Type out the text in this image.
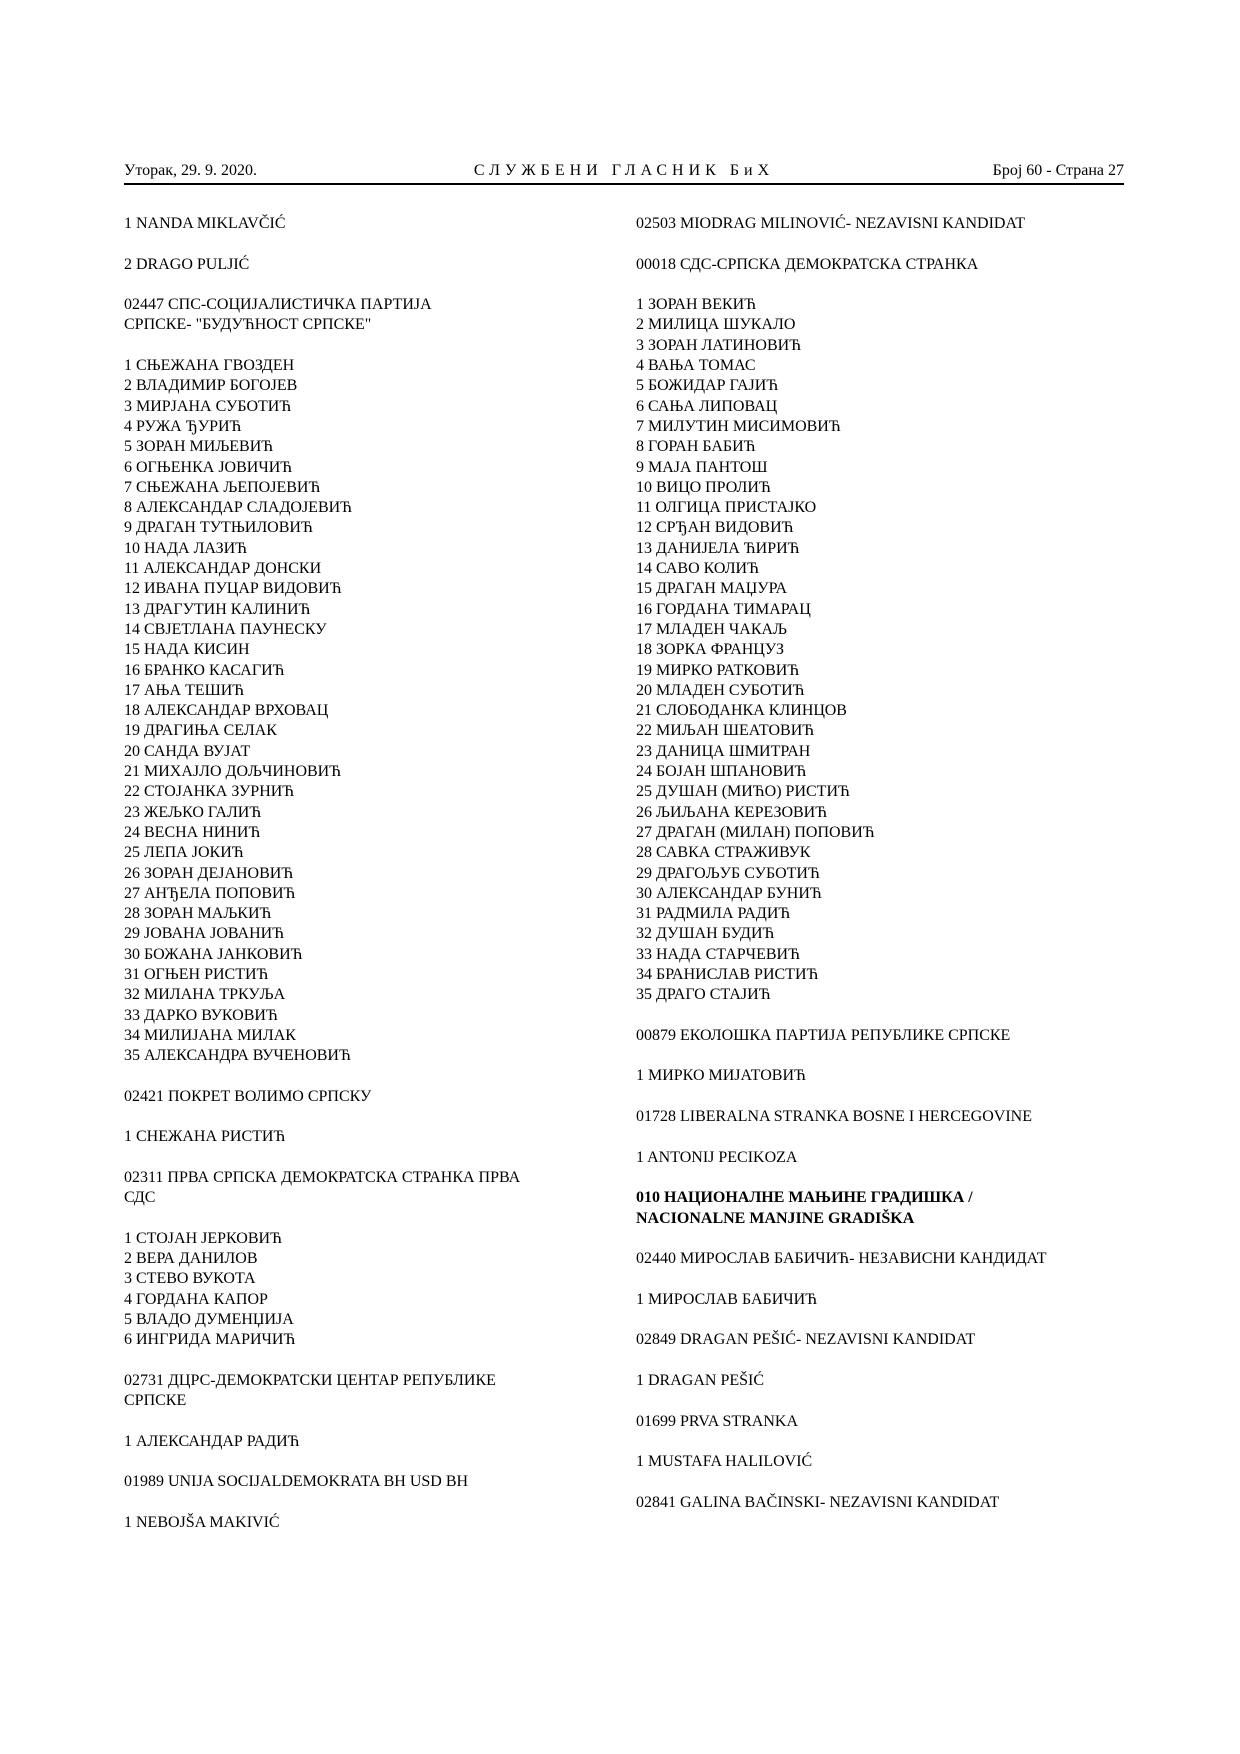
Уторак, 29. 9. 2020.	СЛУЖБЕНИ ГЛАСНИК БиХ	Број 60 - Страна 27
1 NANDA MIKLAVČIĆ
2 DRAGO PULJIĆ
02447 СПС-СОЦИЈАЛИСТИЧКА ПАРТИЈА
СРПСКЕ- "БУДУЋНОСТ СРПСКЕ"
1 СЊЕЖАНА ГВОЗДЕН
2 ВЛАДИМИР БОГОЈЕВ
3 МИРЈАНА СУБОТИЋ
4 РУЖА ЂУРИЋ
5 ЗОРАН МИЉЕВИЋ
6 ОГЊЕНКА ЈОВИЧИЋ
7 СЊЕЖАНА ЉЕПОЈЕВИЋ
8 АЛЕКСАНДАР СЛАДОЈЕВИЋ
9 ДРАГАН ТУТЊИЛОВИЋ
10 НАДА ЛАЗИЋ
11 АЛЕКСАНДАР ДОНСКИ
12 ИВАНА ПУЦАР ВИДОВИЋ
13 ДРАГУТИН КАЛИНИЋ
14 СВЈЕТЛАНА ПАУНЕСКУ
15 НАДА КИСИН
16 БРАНКО КАСАГИЋ
17 АЊА ТЕШИЋ
18 АЛЕКСАНДАР ВРХОВАЦ
19 ДРАГИЊА СЕЛАК
20 САНДА ВУЈАТ
21 МИХАЈЛО ДОЉЧИНОВИЋ
22 СТОЈАНКА ЗУРНИЋ
23 ЖЕЉКО ГАЛИЋ
24 ВЕСНА НИНИЋ
25 ЛЕПА ЈОКИЋ
26 ЗОРАН ДЕЈАНОВИЋ
27 АНЂЕЛА ПОПОВИЋ
28 ЗОРАН МАЉКИЋ
29 ЈОВАНА ЈОВАНИЋ
30 БОЖАНА ЈАНКОВИЋ
31 ОГЊЕН РИСТИЋ
32 МИЛАНА ТРКУЉА
33 ДАРКО ВУКОВИЋ
34 МИЛИЈАНА МИЛАК
35 АЛЕКСАНДРА ВУЧЕНОВИЋ
02421 ПОКРЕТ ВОЛИМО СРПСКУ
1 СНЕЖАНА РИСТИЋ
02311 ПРВА СРПСКА ДЕМОКРАТСКА СТРАНКА ПРВА
СДС
1 СТОЈАН ЈЕРКОВИЋ
2 ВЕРА ДАНИЛОВ
3 СТЕВО ВУКОТА
4 ГОРДАНА КАПОР
5 ВЛАДО ДУМЕНЏИЈА
6 ИНГРИДА МАРИЧИЋ
02731 ДЦРС-ДЕМОКРАТСКИ ЦЕНТАР РЕПУБЛИКЕ
СРПСКЕ
1 АЛЕКСАНДАР РАДИЋ
01989 UNIJA SOCIJALDEMOKRATA BH USD BH
1 NEBOJŠA MAKIVIĆ
02503 MIODRAG MILINOVIĆ- NEZAVISNI KANDIDAT
00018 СДС-СРПСКА ДЕМОКРАТСКА СТРАНКА
1 ЗОРАН ВЕКИЋ
2 МИЛИЦА ШУКАЛО
3 ЗОРАН ЛАТИНОВИЋ
4 ВАЊА ТОМАС
5 БОЖИДАР ГАЈИЋ
6 САЊА ЛИПОВАЦ
7 МИЛУТИН МИСИМОВИЋ
8 ГОРАН БАБИЋ
9 МАЈА ПАНТОШ
10 ВИЦО ПРОЛИЋ
11 ОЛГИЦА ПРИСТАЈКО
12 СРЂАН ВИДОВИЋ
13 ДАНИЈЕЛА ЋИРИЋ
14 САВО КОЛИЋ
15 ДРАГАН МАЏУРА
16 ГОРДАНА ТИМАРАЦ
17 МЛАДЕН ЧАКАЉ
18 ЗОРКА ФРАНЦУЗ
19 МИРКО РАТКОВИЋ
20 МЛАДЕН СУБОТИЋ
21 СЛОБОДАНКА КЛИНЦОВ
22 МИЉАН ШЕАТОВИЋ
23 ДАНИЦА ШМИТРАН
24 БОЈАН ШПАНОВИЋ
25 ДУШАН (МИЋО) РИСТИЋ
26 ЉИЉАНА КЕРЕЗОВИЋ
27 ДРАГАН (МИЛАН) ПОПОВИЋ
28 САВКА СТРАЖИВУК
29 ДРАГОЉУБ СУБОТИЋ
30 АЛЕКСАНДАР БУНИЋ
31 РАДМИЛА РАДИЋ
32 ДУШАН БУДИЋ
33 НАДА СТАРЧЕВИЋ
34 БРАНИСЛАВ РИСТИЋ
35 ДРАГО СТАЈИЋ
00879 ЕКОЛОШКА ПАРТИЈА РЕПУБЛИКЕ СРПСКЕ
1 МИРКО МИЈАТОВИЋ
01728 LIBERALNA STRANKA BOSNE I HERCEGOVINE
1 ANTONIJ PECIKOZA
010 НАЦИОНАЛНЕ МАЊИНЕ ГРАДИШКА /
NACIONALNE MANJINE GRADIŠKA
02440 МИРОСЛАВ БАБИЧИЋ- НЕЗАВИСНИ КАНДИДАТ
1 МИРОСЛАВ БАБИЧИЋ
02849 DRAGAN PEŠIĆ- NEZAVISNI KANDIDAT
1 DRAGAN PEŠIĆ
01699 PRVA STRANKA
1 MUSTAFA HALILOVIĆ
02841 GALINA BAČINSKI- NEZAVISNI KANDIDAT
